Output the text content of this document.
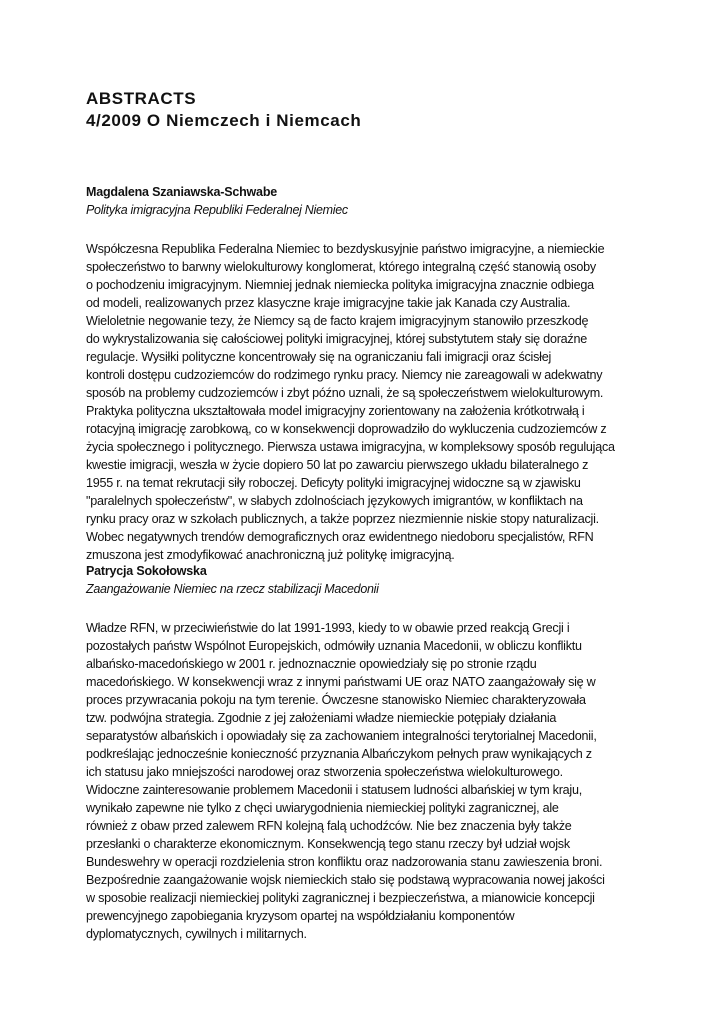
ABSTRACTS
4/2009 O Niemczech i Niemcach
Magdalena Szaniawska-Schwabe
Polityka imigracyjna Republiki Federalnej Niemiec
Współczesna Republika Federalna Niemiec to bezdyskusyjnie państwo imigracyjne, a niemieckie
społeczeństwo to barwny wielokulturowy konglomerat, którego integralną część stanowią osoby
o pochodzeniu imigracyjnym. Niemniej jednak niemiecka polityka imigracyjna znacznie odbiega
od modeli, realizowanych przez klasyczne kraje imigracyjne takie jak Kanada czy Australia.
Wieloletnie negowanie tezy, że Niemcy są de facto krajem imigracyjnym stanowiło przeszkodę
do wykrystalizowania się całościowej polityki imigracyjnej, której substytutem stały się doraźne
regulacje. Wysiłki polityczne koncentrowały się na ograniczaniu fali imigracji oraz ścisłej
kontroli dostępu cudzoziemców do rodzimego rynku pracy. Niemcy nie zareagowali w adekwatny
sposób na problemy cudzoziemców i zbyt późno uznali, że są społeczeństwem wielokulturowym.
Praktyka polityczna ukształtowała model imigracyjny zorientowany na założenia krótkotrwałą i
rotacyjną imigrację zarobkową, co w konsekwencji doprowadziło do wykluczenia cudzoziemców z
życia społecznego i politycznego. Pierwsza ustawa imigracyjna, w kompleksowy sposób regulująca
kwestie imigracji, weszła w życie dopiero 50 lat po zawarciu pierwszego układu bilateralnego z
1955 r. na temat rekrutacji siły roboczej. Deficyty polityki imigracyjnej widoczne są w zjawisku
"paralelnych społeczeństw", w słabych zdolnościach językowych imigrantów, w konfliktach na
rynku pracy oraz w szkołach publicznych, a także poprzez niezmiennie niskie stopy naturalizacji.
Wobec negatywnych trendów demograficznych oraz ewidentnego niedoboru specjalistów, RFN
zmuszona jest zmodyfikować anachroniczną już politykę imigracyjną.
Patrycja Sokołowska
Zaangażowanie Niemiec na rzecz stabilizacji Macedonii
Władze RFN, w przeciwieństwie do lat 1991-1993, kiedy to w obawie przed reakcją Grecji i
pozostałych państw Wspólnot Europejskich, odmówiły uznania Macedonii, w obliczu konfliktu
albańsko-macedońskiego w 2001 r. jednoznacznie opowiedziały się po stronie rządu
macedońskiego. W konsekwencji wraz z innymi państwami UE oraz NATO zaangażowały się w
proces przywracania pokoju na tym terenie. Ówczesne stanowisko Niemiec charakteryzowała
tzw. podwójna strategia. Zgodnie z jej założeniami władze niemieckie potępiały działania
separatystów albańskich i opowiadały się za zachowaniem integralności terytorialnej Macedonii,
podkreślając jednocześnie konieczność przyznania Albańczykom pełnych praw wynikających z
ich statusu jako mniejszości narodowej oraz stworzenia społeczeństwa wielokulturowego.
Widoczne zainteresowanie problemem Macedonii i statusem ludności albańskiej w tym kraju,
wynikało zapewne nie tylko z chęci uwiarygodnienia niemieckiej polityki zagranicznej, ale
również z obaw przed zalewem RFN kolejną falą uchodźców. Nie bez znaczenia były także
przesłanki o charakterze ekonomicznym. Konsekwencją tego stanu rzeczy był udział wojsk
Bundeswehry w operacji rozdzielenia stron konfliktu oraz nadzorowania stanu zawieszenia broni.
Bezpośrednie zaangażowanie wojsk niemieckich stało się podstawą wypracowania nowej jakości
w sposobie realizacji niemieckiej polityki zagranicznej i bezpieczeństwa, a mianowicie koncepcji
prewencyjnego zapobiegania kryzysom opartej na współdziałaniu komponentów
dyplomatycznych, cywilnych i militarnych.
